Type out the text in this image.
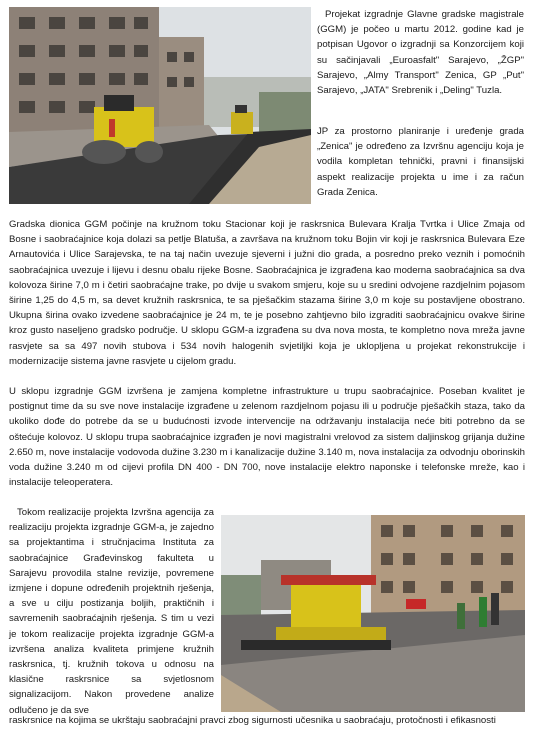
Projekat izgradnje Glavne gradske magistrale (GGM) je počeo u martu 2012. godine kad je potpisan Ugovor o izgradnji sa Konzorcijem koji su sačinjavali „Euroasfalt" Sarajevo, „ŽGP" Sarajevo, „Almy Transport" Zenica, GP „Put" Sarajevo, „JATA" Srebrenik i „Deling" Tuzla.

JP za prostorno planiranje i uređenje grada „Zenica" je određeno za Izvršnu agenciju koja je vodila kompletan tehnički, pravni i finansijski aspekt realizacije projekta u ime i za račun Grada Zenica.

Gradska dionica GGM počinje na kružnom toku Stacionar koji je raskrsnica Bulevara Kralja Tvrtka i Ulice Zmaja od Bosne i saobraćajnice koja dolazi sa petlje Blatuša, a završava na kružnom toku Bojin vir koji je raskrsnica Bulevara Eze Arnautovića i Ulice Sarajevska, te na taj način uvezuje sjeverni i južni dio grada, a posredno preko veznih i pomoćnih saobraćajnica uvezuje i lijevu i desnu obalu rijeke Bosne. Saobraćajnica je izgrađena kao moderna saobraćajnica sa dva kolovoza širine 7,0 m i četiri saobraćajne trake, po dvije u svakom smjeru, koje su u sredini odvojene razdjelnim pojasom širine 1,25 do 4,5 m, sa devet kružnih raskrsnica, te sa pješačkim stazama širine 3,0 m koje su postavljene obostrano. Ukupna širina ovako izvedene saobraćajnice je 24 m, te je posebno zahtjevno bilo izgraditi saobraćajnicu ovakve širine kroz gusto naseljeno gradsko područje. U sklopu GGM-a izgrađena su dva nova mosta, te kompletno nova mreža javne rasvjete sa sa 497 novih stubova i 534 novih halogenih svjetiljki koja je uklopljena u projekat rekonstrukcije i modernizacije sistema javne rasvjete u cijelom gradu.

U sklopu izgradnje GGM izvršena je zamjena kompletne infrastrukture u trupu saobraćajnice. Poseban kvalitet je postignut time da su sve nove instalacije izgrađene u zelenom razdjelnom pojasu ili u područje pješačkih staza, tako da ukoliko dođe do potrebe da se u budućnosti izvode intervencije na održavanju instalacija neće biti potrebno da se oštećuje kolovoz. U sklopu trupa saobraćajnice izgrađen je novi magistralni vrelovod za sistem daljinskog grijanja dužine 2.650 m, nove instalacije vodovoda dužine 3.230 m i kanalizacije dužine 3.140 m, nova instalacija za odvodnju oborinskih voda dužine 3.240 m od cijevi profila DN 400 - DN 700, nove instalacije elektro naponske i telefonske mreže, kao i instalacije teleoperatera.

Tokom realizacije projekta Izvršna agencija za realizaciju projekta izgradnje GGM-a, je zajedno sa projektantima i stručnjacima Instituta za saobraćajnice Građevinskog fakulteta u Sarajevu provodila stalne revizije, povremene izmjene i dopune određenih projektnih rješenja, a sve u cilju postizanja boljih, praktičnih i savremenih saobraćajnih rješenja. S tim u vezi je tokom realizacije projekta izgradnje GGM-a izvršena analiza kvaliteta primjene kružnih raskrsnica, tj. kružnih tokova u odnosu na klasične raskrsnice sa svjetlosnom signalizacijom. Nakon provedene analize odlučeno je da sve

raskrsnice na kojima se ukrštaju saobraćajni pravci zbog sigurnosti učesnika u saobraćaju, protočnosti i efikasnosti
